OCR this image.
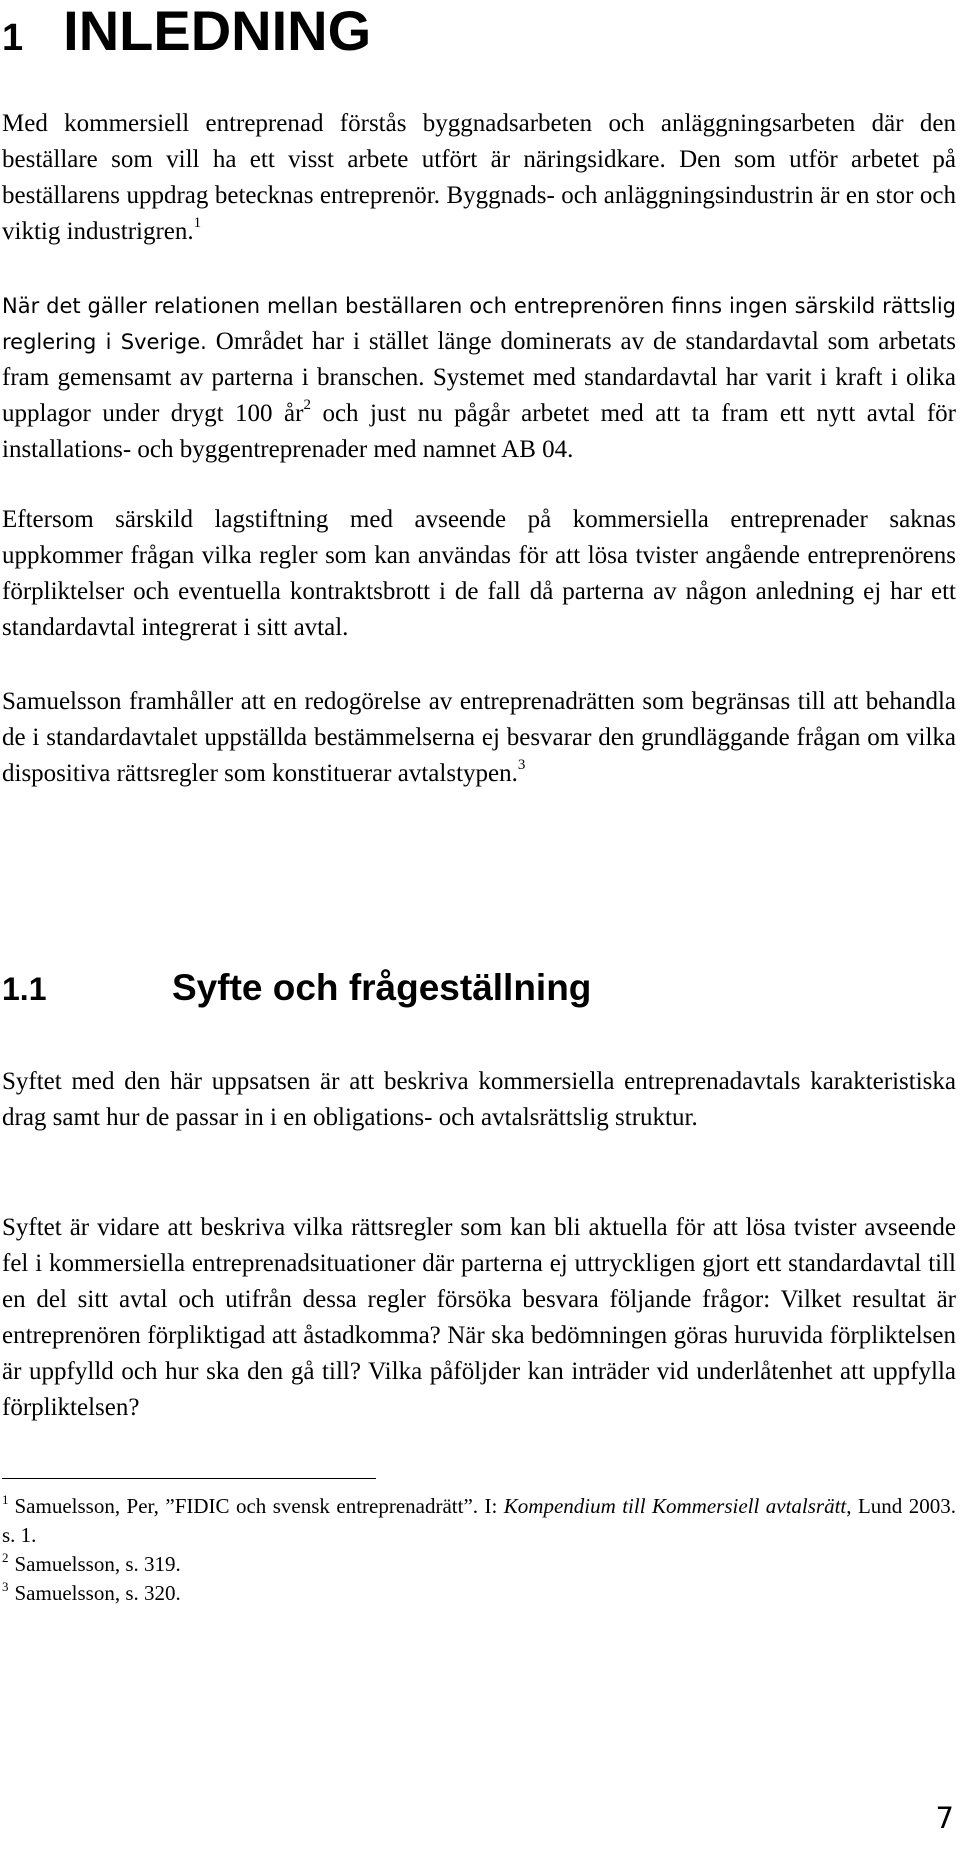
1 INLEDNING

Med kommersiell entreprenad förstås byggnadsarbeten och anläggningsarbeten där den beställare som vill ha ett visst arbete utfört är näringsidkare. Den som utför arbetet på beställarens uppdrag betecknas entreprenör. Byggnads- och anläggningsindustrin är en stor och viktig industrigren.$^1$

När det gäller relationen mellan beställaren och entreprenören finns ingen särskild rättslig reglering i Sverige. Området har i stället länge dominerats av de standardavtal som arbetats fram gemensamt av parterna i branschen. Systemet med standardavtal har varit i kraft i olika upplagor under drygt 100 $år^2$ och just nu pågår arbetet med att ta fram ett nytt avtal för installations- och byggentreprenader med namnet AB 04.

Eftersom särskild lagstiftning med avseende på kommersiella entreprenader saknas uppkommer frågan vilka regler som kan användas för att lösa tvister angående entreprenörens förpliktelser och eventuella kontraktsbrott i de fall då parterna av någon anledning ej har ett standardavtal integrerat i sitt avtal.

Samuelsson framhåller att en redogörelse av entreprenadrätten som begränsas till att behandla de i standardavtalet uppställda bestämmelserna ej besvarar den grundläggande frågan om vilka dispositiva rättsregler som konstituerar avtalstypen.$^3$

1.1	Syfte och frågeställning

Syftet med den här uppsatsen är att beskriva kommersiella entreprenadavtals karakteristiska drag samt hur de passar in i en obligations- och avtalsrättslig struktur.

Syftet är vidare att beskriva vilka rättsregler som kan bli aktuella för att lösa tvister avseende fel i kommersiella entreprenadsituationer där parterna ej uttryckligen gjort ett standardavtal till en del sitt avtal och utifrån dessa regler försöka besvara följande frågor: Vilket resultat är entreprenören förpliktigad att åstadkomma? När ska bedömningen göras huruvida förpliktelsen är uppfylld och hur ska den gå till? Vilka påföljder kan inträder vid underlåtenhet att uppfylla förpliktelsen?

$^1$ Samuelsson, Per, ”FIDIC och svensk entreprenadrätt”. I: Kompendium till Kommersiell avtalsrätt, Lund 2003. s. 1.

$^2$ Samuelsson, s. 319.

$^3$ Samuelsson, s. 320.

7
